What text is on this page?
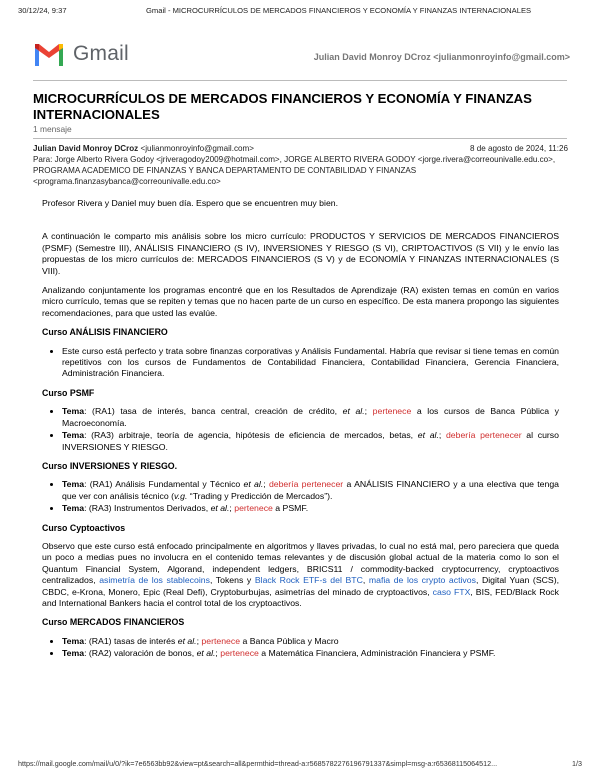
30/12/24, 9:37	Gmail - MICROCURRÍCULOS DE MERCADOS FINANCIEROS Y ECONOMÍA Y FINANZAS INTERNACIONALES
Gmail	Julian David Monroy DCroz <julianmonroyinfo@gmail.com>
MICROCURRÍCULOS DE MERCADOS FINANCIEROS Y ECONOMÍA Y FINANZAS INTERNACIONALES
1 mensaje
Julian David Monroy DCroz <julianmonroyinfo@gmail.com>	8 de agosto de 2024, 11:26
Para: Jorge Alberto Rivera Godoy <jriveragodoy2009@hotmail.com>, JORGE ALBERTO RIVERA GODOY <jorge.rivera@correounivalle.edu.co>, PROGRAMA ACADEMICO DE FINANZAS Y BANCA DEPARTAMENTO DE CONTABILIDAD Y FINANZAS <programa.finanzasybanca@correounivalle.edu.co>

Profesor Rivera y Daniel muy buen día. Espero que se encuentren muy bien.

A continuación le comparto mis análisis sobre los micro currículo: PRODUCTOS Y SERVICIOS DE MERCADOS FINANCIEROS (PSMF) (Semestre III), ANÁLISIS FINANCIERO (S IV), INVERSIONES Y RIESGO (S VI), CRIPTOACTIVOS (S VII) y le envío las propuestas de los micro currículos de: MERCADOS FINANCIEROS (S V) y de ECONOMÍA Y FINANZAS INTERNACIONALES (S VIII).

Analizando conjuntamente los programas encontré que en los Resultados de Aprendizaje (RA) existen temas en común en varios micro currículo, temas que se repiten y temas que no hacen parte de un curso en específico. De esta manera propongo las siguientes recomendaciones, para que usted las evalúe.

Curso ANÁLISIS FINANCIERO
• Este curso está perfecto y trata sobre finanzas corporativas y Análisis Fundamental. Habría que revisar si tiene temas en común repetitivos con los cursos de Fundamentos de Contabilidad Financiera, Contabilidad Financiera, Gerencia Financiera, Administración Financiera.
Curso PSMF
• Tema: (RA1) tasa de interés, banca central, creación de crédito, et al.; pertenece a los cursos de Banca Pública y Macroeconomía.
• Tema: (RA3) arbitraje, teoría de agencia, hipótesis de eficiencia de mercados, betas, et al.; debería pertenecer al curso INVERSIONES Y RIESGO.
Curso INVERSIONES Y RIESGO.
• Tema: (RA1) Análisis Fundamental y Técnico et al.; debería pertenecer a ANÁLISIS FINANCIERO y a una electiva que tenga que ver con análisis técnico (v.g. “Trading y Predicción de Mercados”).
• Tema: (RA3) Instrumentos Derivados, et al.; pertenece a PSMF.
Curso Cyptoactivos

Observo que este curso está enfocado principalmente en algoritmos y llaves privadas, lo cual no está mal, pero pareciera que queda un poco a medias pues no involucra en el contenido temas relevantes y de discusión global actual de la materia como lo son el Quantum Financial System, Algorand, independent ledgers, BRICS11 / commodity-backed cryptocurrency, cryptoactivos centralizados, asimetría de los stablecoins, Tokens y Black Rock ETF-s del BTC, mafia de los crypto activos, Digital Yuan (SCS), CBDC, e-Krona, Monero, Epic (Real Defi), Cryptoburbujas, asimetrías del minado de cryptoactivos, caso FTX, BIS, FED/Black Rock and International Bankers hacia el control total de los cryptoactivos.

Curso MERCADOS FINANCIEROS
• Tema: (RA1) tasas de interés et al.; pertenece a Banca Pública y Macro
• Tema: (RA2) valoración de bonos, et al.; pertenece a Matemática Financiera, Administración Financiera y PSMF.
https://mail.google.com/mail/u/0/?ik=7e6563bb92&view=pt&search=all&permthid=thread-a:r5685782276196791337&simpl=msg-a:r65368115064512...	1/3
